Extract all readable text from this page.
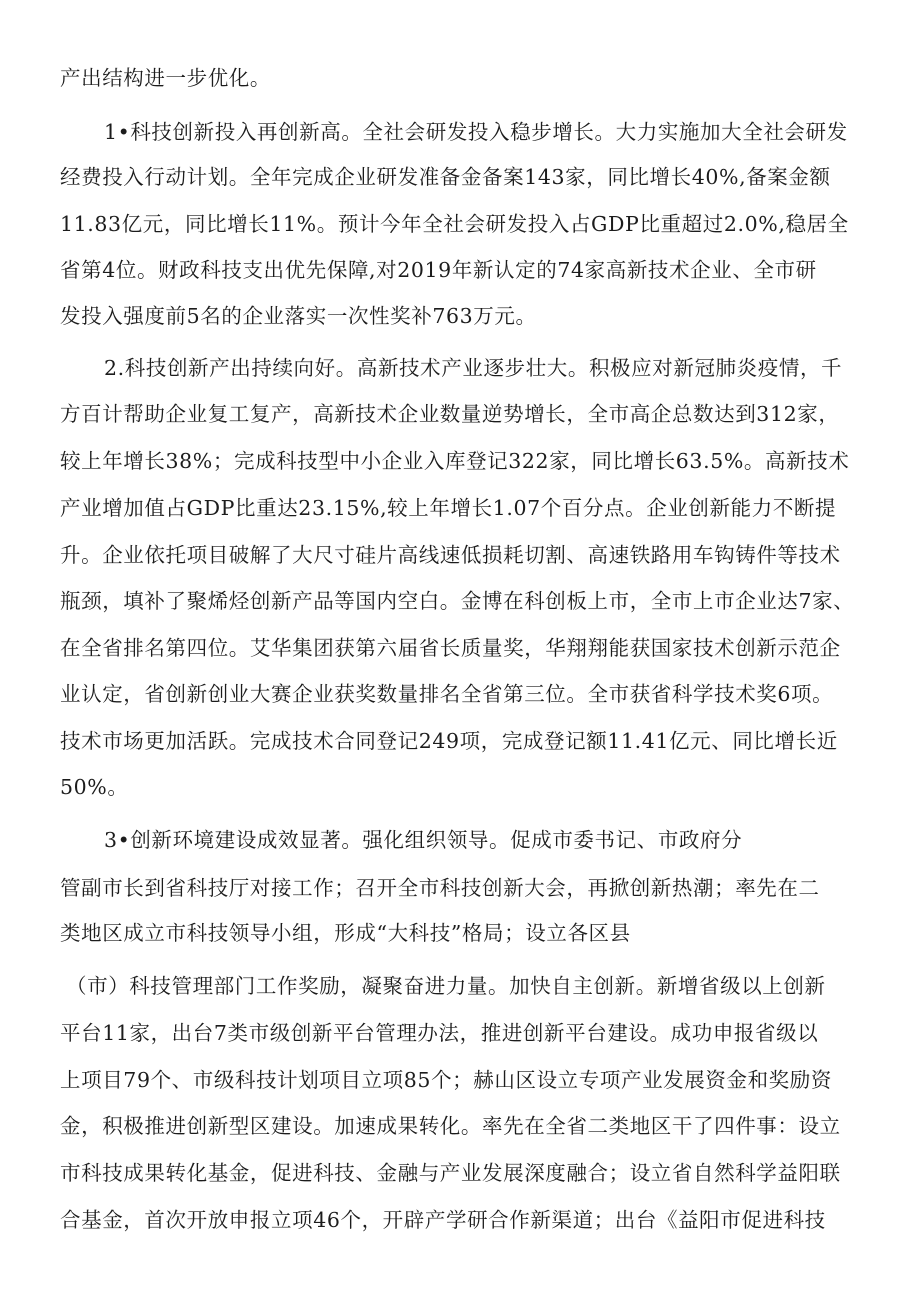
产出结构进一步优化。

1•科技创新投入再创新高。全社会研发投入稳步增长。大力实施加大全社会研发

经费投入行动计划。全年完成企业研发准备金备案143家，同比增长40%,备案金额

11.83亿元，同比增长11%。预计今年全社会研发投入占GDP比重超过2.0%,稳居全

省第4位。财政科技支出优先保障,对2019年新认定的74家高新技术企业、全市研

发投入强度前5名的企业落实一次性奖补763万元。

2.科技创新产出持续向好。高新技术产业逐步壮大。积极应对新冠肺炎疫情，千

方百计帮助企业复工复产，高新技术企业数量逆势增长，全市高企总数达到312家，

较上年增长38%；完成科技型中小企业入库登记322家，同比增长63.5%。高新技术

产业增加值占GDP比重达23.15%,较上年增长1.07个百分点。企业创新能力不断提

升。企业依托项目破解了大尺寸硅片高线速低损耗切割、高速铁路用车钩铸件等技术

瓶颈，填补了聚烯烃创新产品等国内空白。金博在科创板上市，全市上市企业达7家、

在全省排名第四位。艾华集团获第六届省长质量奖，华翔翔能获国家技术创新示范企

业认定，省创新创业大赛企业获奖数量排名全省第三位。全市获省科学技术奖6项。

技术市场更加活跃。完成技术合同登记249项，完成登记额11.41亿元、同比增长近

50%。

3•创新环境建设成效显著。强化组织领导。促成市委书记、市政府分

管副市长到省科技厅对接工作；召开全市科技创新大会，再掀创新热潮；率先在二

类地区成立市科技领导小组，形成“大科技”格局；设立各区县

（市）科技管理部门工作奖励，凝聚奋进力量。加快自主创新。新增省级以上创新

平台11家，出台7类市级创新平台管理办法，推进创新平台建设。成功申报省级以

上项目79个、市级科技计划项目立项85个；赫山区设立专项产业发展资金和奖励资

金，积极推进创新型区建设。加速成果转化。率先在全省二类地区干了四件事：设立

市科技成果转化基金，促进科技、金融与产业发展深度融合；设立省自然科学益阳联

合基金，首次开放申报立项46个，开辟产学研合作新渠道；出台《益阳市促进科技
